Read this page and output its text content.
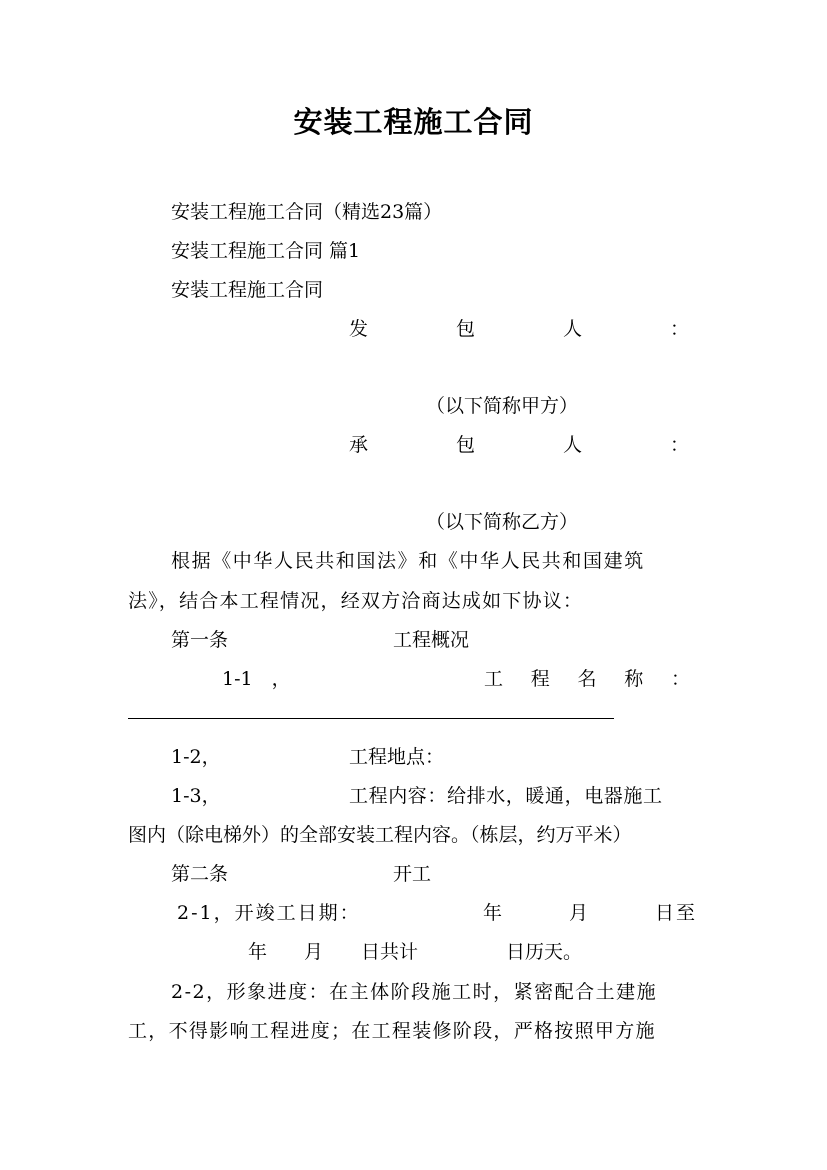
安装工程施工合同
安装工程施工合同（精选23篇）
安装工程施工合同 篇1
安装工程施工合同
发	包	人	：
（以下简称甲方）
承	包	人	：
（以下简称乙方）
根据《中华人民共和国法》和《中华人民共和国建筑
法》，结合本工程情况，经双方洽商达成如下协议：
第一条	工程概况
1-1　，	工 程 名 称 ：
1-2，	工程地点：
1-3，	工程内容：给排水，暖通，电器施工
图内（除电梯外）的全部安装工程内容。（栋层，约万平米）
第二条	开工
2-1，开竣工日期：	年	月	日至
年 月 日共计	日历天。
2-2，形象进度：在主体阶段施工时，紧密配合土建施
工，不得影响工程进度；在工程装修阶段，严格按照甲方施
